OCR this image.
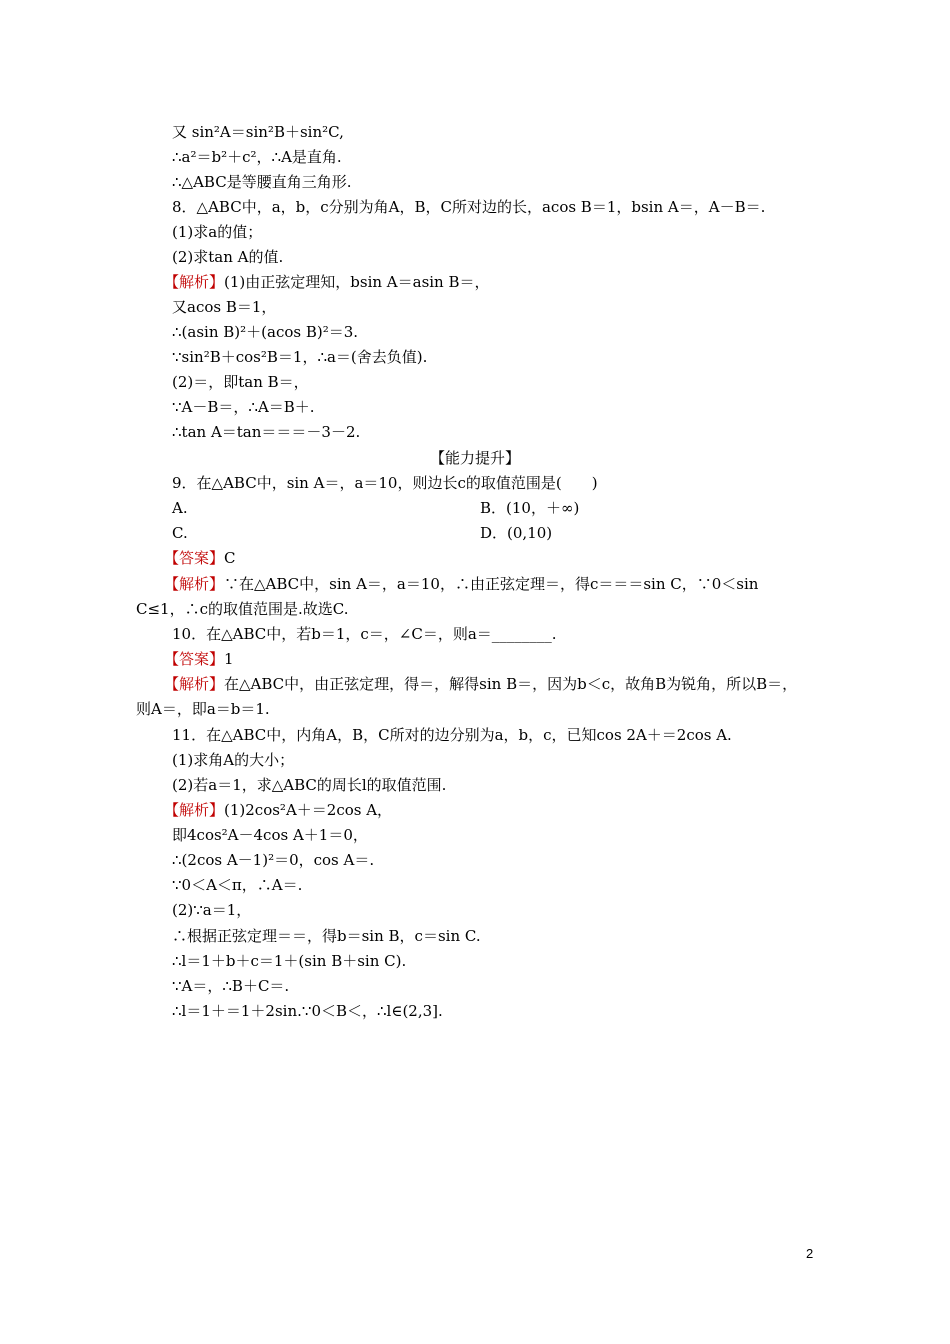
又 sin²A＝sin²B＋sin²C,
∴a²＝b²＋c²，∴A是直角.
∴△ABC是等腰直角三角形.
8．△ABC中，a，b，c分别为角A，B，C所对边的长，acos B＝1，bsin A＝，A－B＝.
(1)求a的值；
(2)求tan A的值.
【解析】(1)由正弦定理知，bsin A＝asin B＝，
又acos B＝1，
∴(asin B)²＋(acos B)²＝3.
∵sin²B＋cos²B＝1，∴a＝(舍去负值).
(2)＝，即tan B＝，
∵A－B＝，∴A＝B＋.
∴tan A＝tan＝＝＝－3－2.
【能力提升】
9．在△ABC中，sin A＝，a＝10，则边长c的取值范围是(　　)
A.	B．(10，＋∞)
C.	D．(0,10)
【答案】C
【解析】∵在△ABC中，sin A＝，a＝10，∴由正弦定理＝，得c＝＝＝sin C，∵0＜sin
C≤1，∴c的取值范围是.故选C.
10．在△ABC中，若b＝1，c＝，∠C＝，则a＝________.
【答案】1
【解析】在△ABC中，由正弦定理，得＝，解得sin B＝，因为b＜c，故角B为锐角，所以B＝，
则A＝，即a＝b＝1.
11．在△ABC中，内角A，B，C所对的边分别为a，b，c，已知cos 2A＋＝2cos A.
(1)求角A的大小；
(2)若a＝1，求△ABC的周长l的取值范围.
【解析】(1)2cos²A＋＝2cos A，
即4cos²A－4cos A＋1＝0，
∴(2cos A－1)²＝0，cos A＝.
∵0＜A＜π，∴A＝.
(2)∵a＝1，
∴根据正弦定理＝＝，得b＝sin B，c＝sin C.
∴l＝1＋b＋c＝1＋(sin B＋sin C).
∵A＝，∴B＋C＝.
∴l＝1＋＝1＋2sin.∵0＜B＜，∴l∈(2,3].
2
